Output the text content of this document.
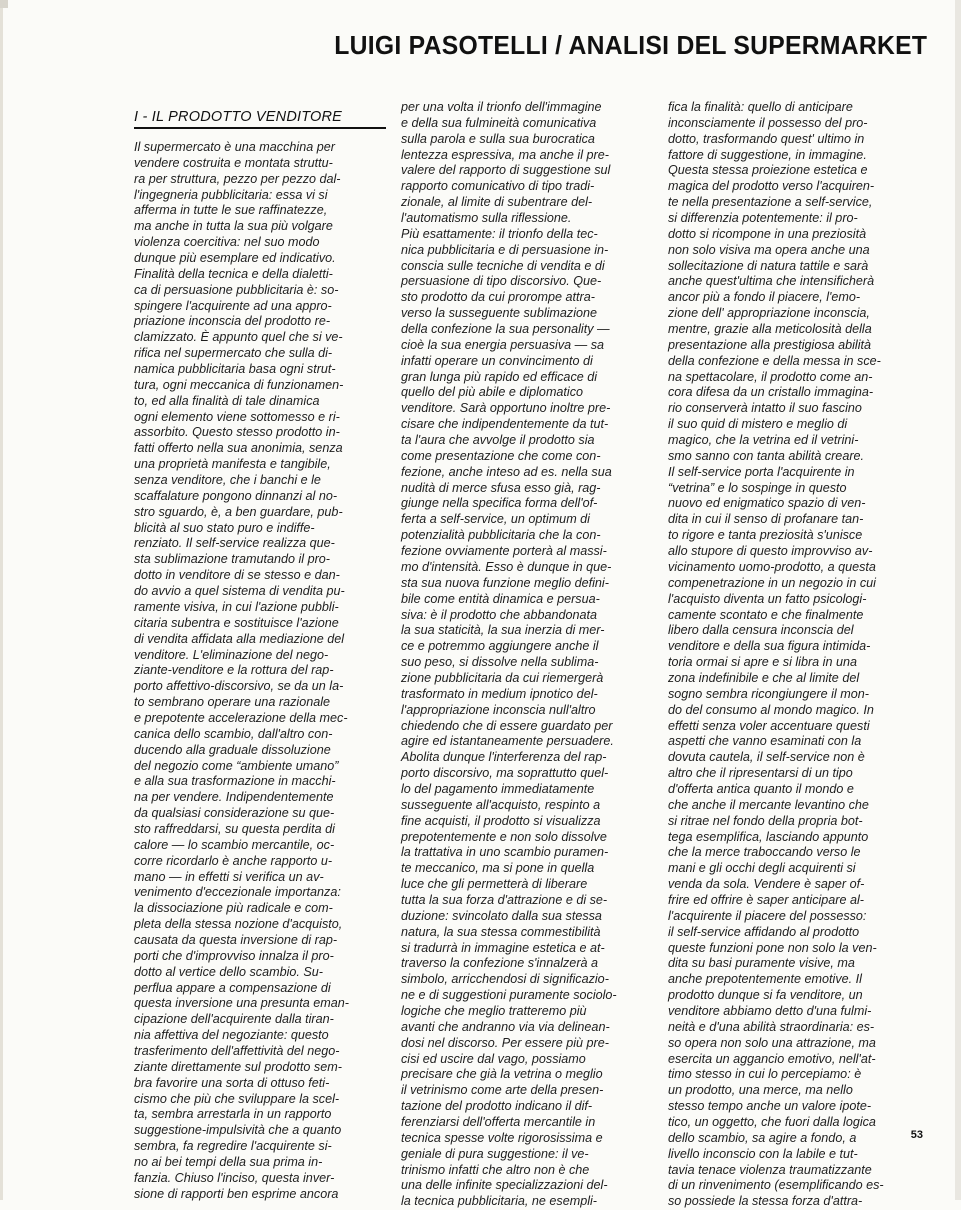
LUIGI PASOTELLI / ANALISI DEL SUPERMARKET
I - IL PRODOTTO VENDITORE
Il supermercato è una macchina per
vendere costruita e montata struttu-
ra per struttura, pezzo per pezzo dal-
l'ingegneria pubblicitaria: essa vi si
afferma in tutte le sue raffinatezze,
ma anche in tutta la sua più volgare
violenza coercitiva: nel suo modo
dunque più esemplare ed indicativo.
Finalità della tecnica e della dialetti-
ca di persuasione pubblicitaria è: so-
spingere l'acquirente ad una appro-
priazione inconscia del prodotto re-
clamizzato. È appunto quel che si ve-
rifica nel supermercato che sulla di-
namica pubblicitaria basa ogni strut-
tura, ogni meccanica di funzionamen-
to, ed alla finalità di tale dinamica
ogni elemento viene sottomesso e ri-
assorbito. Questo stesso prodotto in-
fatti offerto nella sua anonimia, senza
una proprietà manifesta e tangibile,
senza venditore, che i banchi e le
scaffalature pongono dinnanzi al no-
stro sguardo, è, a ben guardare, pub-
blicità al suo stato puro e indiffe-
renziato. Il self-service realizza que-
sta sublimazione tramutando il pro-
dotto in venditore di se stesso e dan-
do avvio a quel sistema di vendita pu-
ramente visiva, in cui l'azione pubbli-
citaria subentra e sostituisce l'azione
di vendita affidata alla mediazione del
venditore. L'eliminazione del nego-
ziante-venditore e la rottura del rap-
porto affettivo-discorsivo, se da un la-
to sembrano operare una razionale
e prepotente accelerazione della mec-
canica dello scambio, dall'altro con-
ducendo alla graduale dissoluzione
del negozio come “ambiente umano”
e alla sua trasformazione in macchi-
na per vendere. Indipendentemente
da qualsiasi considerazione su que-
sto raffreddarsi, su questa perdita di
calore — lo scambio mercantile, oc-
corre ricordarlo è anche rapporto u-
mano — in effetti si verifica un av-
venimento d'eccezionale importanza:
la dissociazione più radicale e com-
pleta della stessa nozione d'acquisto,
causata da questa inversione di rap-
porti che d'improvviso innalza il pro-
dotto al vertice dello scambio. Su-
perflua appare a compensazione di
questa inversione una presunta eman-
cipazione dell'acquirente dalla tiran-
nia affettiva del negoziante: questo
trasferimento dell'affettività del nego-
ziante direttamente sul prodotto sem-
bra favorire una sorta di ottuso feti-
cismo che più che sviluppare la scel-
ta, sembra arrestarla in un rapporto
suggestione-impulsività che a quanto
sembra, fa regredire l'acquirente si-
no ai bei tempi della sua prima in-
fanzia. Chiuso l'inciso, questa inver-
sione di rapporti ben esprime ancora
per una volta il trionfo dell'immagine
e della sua fulmineità comunicativa
sulla parola e sulla sua burocratica
lentezza espressiva, ma anche il pre-
valere del rapporto di suggestione sul
rapporto comunicativo di tipo tradi-
zionale, al limite di subentrare del-
l'automatismo sulla riflessione.
Più esattamente: il trionfo della tec-
nica pubblicitaria e di persuasione in-
conscia sulle tecniche di vendita e di
persuasione di tipo discorsivo. Que-
sto prodotto da cui prorompe attra-
verso la susseguente sublimazione
della confezione la sua personality —
cioè la sua energia persuasiva — sa
infatti operare un convincimento di
gran lunga più rapido ed efficace di
quello del più abile e diplomatico
venditore. Sarà opportuno inoltre pre-
cisare che indipendentemente da tut-
ta l'aura che avvolge il prodotto sia
come presentazione che come con-
fezione, anche inteso ad es. nella sua
nudità di merce sfusa esso già, rag-
giunge nella specifica forma dell'of-
ferta a self-service, un optimum di
potenzialità pubblicitaria che la con-
fezione ovviamente porterà al massi-
mo d'intensità. Esso è dunque in que-
sta sua nuova funzione meglio defini-
bile come entità dinamica e persua-
siva: è il prodotto che abbandonata
la sua staticità, la sua inerzia di mer-
ce e potremmo aggiungere anche il
suo peso, si dissolve nella sublima-
zione pubblicitaria da cui riemergerà
trasformato in medium ipnotico del-
l'appropriazione inconscia null'altro
chiedendo che di essere guardato per
agire ed istantaneamente persuadere.
Abolita dunque l'interferenza del rap-
porto discorsivo, ma soprattutto quel-
lo del pagamento immediatamente
susseguente all'acquisto, respinto a
fine acquisti, il prodotto si visualizza
prepotentemente e non solo dissolve
la trattativa in uno scambio puramen-
te meccanico, ma si pone in quella
luce che gli permetterà di liberare
tutta la sua forza d'attrazione e di se-
duzione: svincolato dalla sua stessa
natura, la sua stessa commestibilità
si tradurrà in immagine estetica e at-
traverso la confezione s'innalzerà a
simbolo, arricchendosi di significazio-
ne e di suggestioni puramente sociolo-
logiche che meglio tratteremo più
avanti che andranno via via delinean-
dosi nel discorso. Per essere più pre-
cisi ed uscire dal vago, possiamo
precisare che già la vetrina o meglio
il vetrinismo come arte della presen-
tazione del prodotto indicano il dif-
ferenziarsi dell'offerta mercantile in
tecnica spesse volte rigorosissima e
geniale di pura suggestione: il ve-
trinismo infatti che altro non è che
una delle infinite specializzazioni del-
la tecnica pubblicitaria, ne esempli-
fica la finalità: quello di anticipare
inconsciamente il possesso del pro-
dotto, trasformando quest' ultimo in
fattore di suggestione, in immagine.
Questa stessa proiezione estetica e
magica del prodotto verso l'acquiren-
te nella presentazione a self-service,
si differenzia potentemente: il pro-
dotto si ricompone in una preziosità
non solo visiva ma opera anche una
sollecitazione di natura tattile e sarà
anche quest'ultima che intensificherà
ancor più a fondo il piacere, l'emo-
zione dell' appropriazione inconscia,
mentre, grazie alla meticolosità della
presentazione alla prestigiosa abilità
della confezione e della messa in sce-
na spettacolare, il prodotto come an-
cora difesa da un cristallo immagina-
rio conserverà intatto il suo fascino
il suo quid di mistero e meglio di
magico, che la vetrina ed il vetrini-
smo sanno con tanta abilità creare.
Il self-service porta l'acquirente in
“vetrina” e lo sospinge in questo
nuovo ed enigmatico spazio di ven-
dita in cui il senso di profanare tan-
to rigore e tanta preziosità s'unisce
allo stupore di questo improvviso av-
vicinamento uomo-prodotto, a questa
compenetrazione in un negozio in cui
l'acquisto diventa un fatto psicologi-
camente scontato e che finalmente
libero dalla censura inconscia del
venditore e della sua figura intimida-
toria ormai si apre e si libra in una
zona indefinibile e che al limite del
sogno sembra ricongiungere il mon-
do del consumo al mondo magico. In
effetti senza voler accentuare questi
aspetti che vanno esaminati con la
dovuta cautela, il self-service non è
altro che il ripresentarsi di un tipo
d'offerta antica quanto il mondo e
che anche il mercante levantino che
si ritrae nel fondo della propria bot-
tega esemplifica, lasciando appunto
che la merce traboccando verso le
mani e gli occhi degli acquirenti si
venda da sola. Vendere è saper of-
frire ed offrire è saper anticipare al-
l'acquirente il piacere del possesso:
il self-service affidando al prodotto
queste funzioni pone non solo la ven-
dita su basi puramente visive, ma
anche prepotentemente emotive. Il
prodotto dunque si fa venditore, un
venditore abbiamo detto d'una fulmi-
neità e d'una abilità straordinaria: es-
so opera non solo una attrazione, ma
esercita un aggancio emotivo, nell'at-
timo stesso in cui lo percepiamo: è
un prodotto, una merce, ma nello
stesso tempo anche un valore ipote-
tico, un oggetto, che fuori dalla logica
dello scambio, sa agire a fondo, a
livello inconscio con la labile e tut-
tavia tenace violenza traumatizzante
di un rinvenimento (esemplificando es-
so possiede la stessa forza d'attra-
53
